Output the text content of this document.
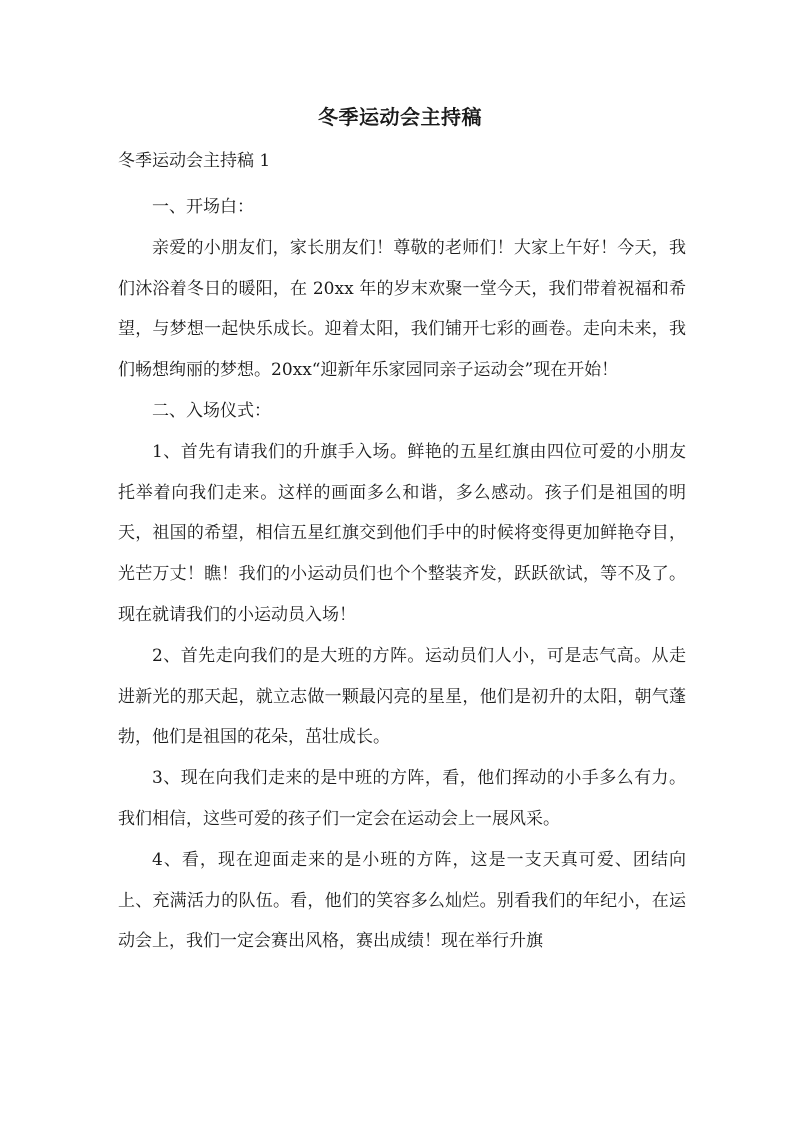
冬季运动会主持稿
冬季运动会主持稿 1

一、开场白：

亲爱的小朋友们，家长朋友们！尊敬的老师们！大家上午好！今天，我们沐浴着冬日的暖阳，在 20xx 年的岁末欢聚一堂今天，我们带着祝福和希望，与梦想一起快乐成长。迎着太阳，我们铺开七彩的画卷。走向未来，我们畅想绚丽的梦想。20xx“迎新年乐家园同亲子运动会”现在开始！

二、入场仪式：

1、首先有请我们的升旗手入场。鲜艳的五星红旗由四位可爱的小朋友托举着向我们走来。这样的画面多么和谐，多么感动。孩子们是祖国的明天，祖国的希望，相信五星红旗交到他们手中的时候将变得更加鲜艳夺目，光芒万丈！瞧！我们的小运动员们也个个整装齐发，跃跃欲试，等不及了。现在就请我们的小运动员入场！

2、首先走向我们的是大班的方阵。运动员们人小，可是志气高。从走进新光的那天起，就立志做一颗最闪亮的星星，他们是初升的太阳，朝气蓬勃，他们是祖国的花朵，茁壮成长。

3、现在向我们走来的是中班的方阵，看，他们挥动的小手多么有力。我们相信，这些可爱的孩子们一定会在运动会上一展风采。

4、看，现在迎面走来的是小班的方阵，这是一支天真可爱、团结向上、充满活力的队伍。看，他们的笑容多么灿烂。别看我们的年纪小，在运动会上，我们一定会赛出风格，赛出成绩！现在举行升旗
